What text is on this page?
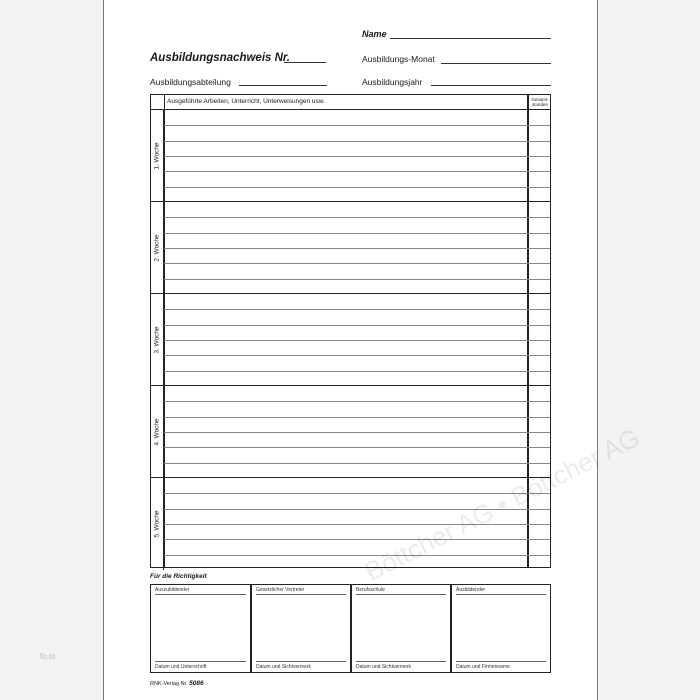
fo.to
Ausbildungsnachweis Nr.
Name
Ausbildungs-Monat
Ausbildungsabteilung	Ausbildungsjahr
Ausgeführte Arbeiten, Unterricht, Unterweisungen usw.	Gesamt-stunden
1. Woche
2. Woche
3. Woche
4. Woche
5. Woche
Für die Richtigkeit
Auszubildender
Datum und Unterschrift
Gesetzlicher Vertreter
Datum und Sichtvermerk
Berufsschule
Datum und Sichtvermerk
Ausbildender
Datum und Firmenname
RNK-Verlag Nr. 5086
Böttcher AG • Böttcher AG
